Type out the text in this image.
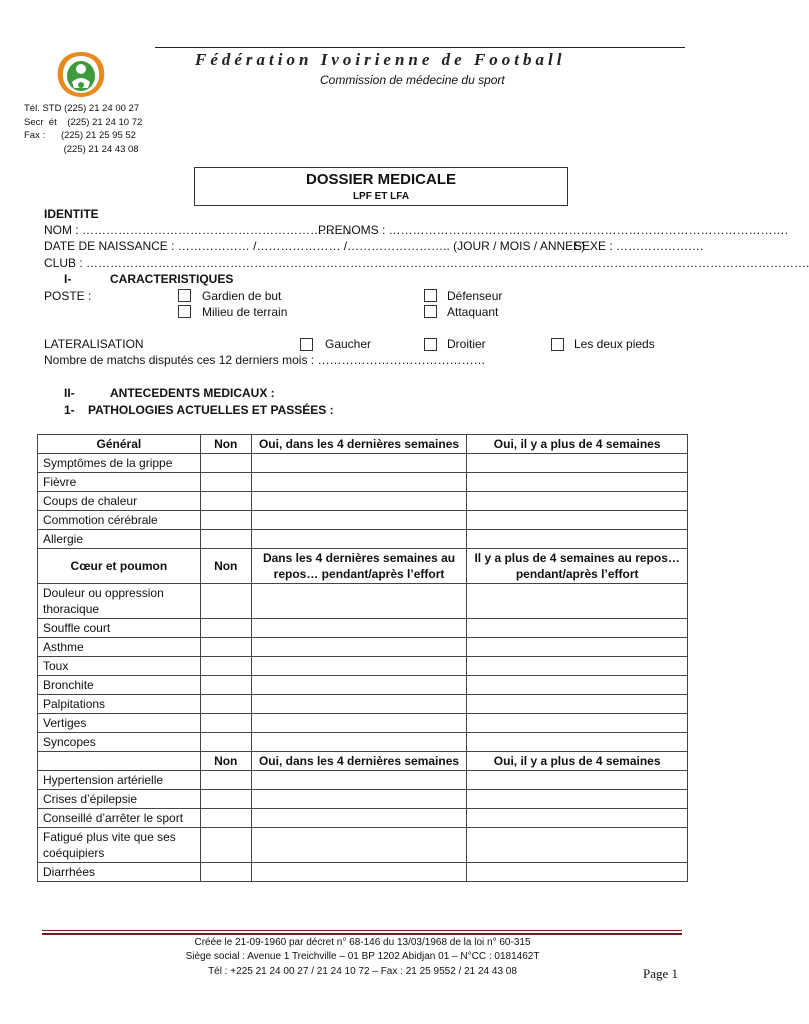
Fédération Ivoirienne de Football
Commission de médecine du sport
Tél. STD (225) 21 24 00 27
Secr  ét    (225) 21 24 10 72
Fax :      (225) 21 25 95 52
(225) 21 24 43 08
DOSSIER MEDICALE
LPF ET LFA
IDENTITE
NOM : ………………………………………………………….
PRENOMS : ……………………………………………………………………………………….
DATE DE NAISSANCE : ……………… /………………… /…………………….. (JOUR / MOIS / ANNEE)
SEXE : ………………….
CLUB : ……………………………………………………………………………………………………………………………………………………………….
I-	CARACTERISTIQUES
POSTE :	Gardien de but
Milieu de terrain
Défenseur
Attaquant
LATERALISATION	Gaucher	Droitier	Les deux pieds
Nombre de matchs disputés ces 12 derniers mois : ……………………………………
II-	ANTECEDENTS MEDICAUX :
1- PATHOLOGIES ACTUELLES ET PASSÉES :
Général	Non	Oui, dans les 4 dernières semaines	Oui, il y a plus de 4 semaines
Symptômes de la grippe			
Fièvre			
Coups de chaleur			
Commotion cérébrale			
Allergie			
Cœur et poumon	Non	Dans les 4 dernières semaines au repos… pendant/après l’effort	Il y a plus de 4 semaines au repos… pendant/après l’effort
Douleur ou oppression thoracique			
Souffle court			
Asthme			
Toux			
Bronchite			
Palpitations			
Vertiges			
Syncopes			
	Non	Oui, dans les 4 dernières semaines	Oui, il y a plus de 4 semaines
Hypertension artérielle			
Crises d’épilepsie			
Conseillé d’arrêter le sport			
Fatigué plus vite que ses coéquipiers			
Diarrhées			
Créée le 21-09-1960 par décret n° 68-146 du 13/03/1968 de la loi n° 60-315
Siège social : Avenue 1 Treichville – 01 BP 1202 Abidjan 01 – N°CC : 0181462T
Tél : +225 21 24 00 27 / 21 24 10 72 – Fax : 21 25 9552 / 21 24 43 08	Page 1
